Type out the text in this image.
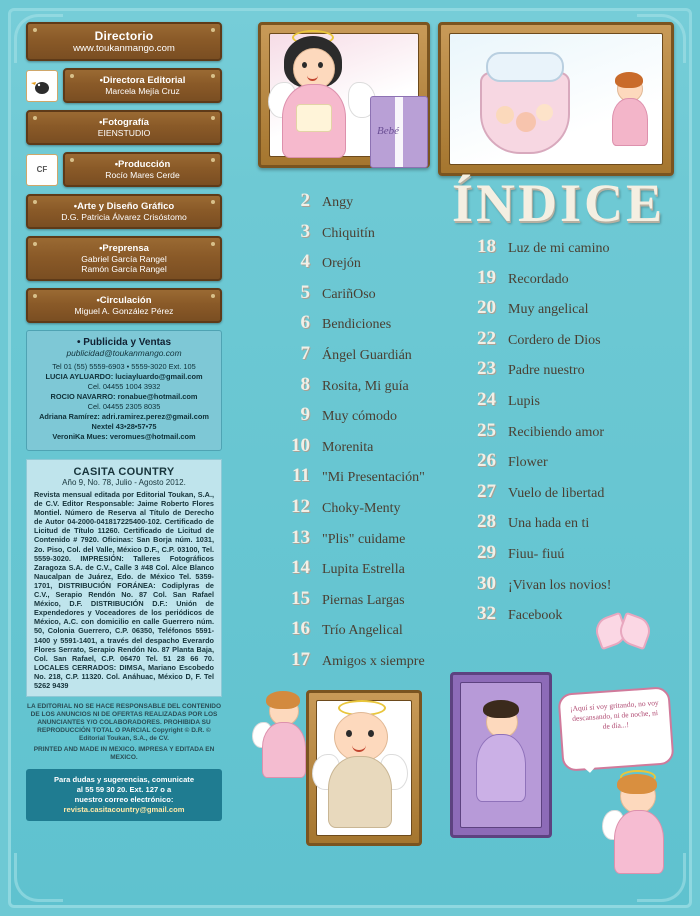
Directorio
www.toukanmango.com
•Directora Editorial
Marcela Mejía Cruz
•Fotografía
EIENSTUDIO
CF	•Producción
Rocío Mares Cerde
•Arte y Diseño Gráfico
D.G. Patricia Álvarez Crisóstomo
•Preprensa
Gabriel García Rangel
Ramón García Rangel
•Circulación
Miguel A. González Pérez
• Publicida y Ventas
publicidad@toukanmango.com
Tel 01 (55) 5559-6903 • 5559-3020 Ext. 105
LUCIA AYLUARDO: luciayluardo@gmail.com
Cel. 04455 1004 3932
ROCIO NAVARRO: ronabue@hotmail.com
Cel. 04455 2305 8035
Adriana Ramírez: adri.ramirez.perez@gmail.com
Nextel 43•28•57•75
VeroniKa Mues: veromues@hotmail.com
CASITA COUNTRY
Año 9, No. 78, Julio - Agosto 2012.
Revista mensual editada por Editorial Toukan, S.A., de C.V. Editor Responsable: Jaime Roberto Flores Montiel. Número de Reserva al Título de Derecho de Autor 04-2000-041817225400-102. Certificado de Licitud de Título 11260. Certificado de Licitud de Contenido # 7920. Oficinas: San Borja núm. 1031, 2o. Piso, Col. del Valle, México D.F., C.P. 03100, Tel. 5559-3020. IMPRESIÓN: Talleres Fotográficos Zaragoza S.A. de C.V., Calle 3 #48 Col. Alce Blanco Naucalpan de Juárez, Edo. de México Tel. 5359-1701, DISTRIBUCIÓN FORÁNEA: Codiplyras de C.V., Serapio Rendón No. 87 Col. San Rafael México, D.F. DISTRIBUCIÓN D.F.: Unión de Expendedores y Voceadores de los periódicos de México, A.C. con domicilio en calle Guerrero núm. 50, Colonia Guerrero, C.P. 06350, Teléfonos 5591-1400 y 5591-1401, a través del despacho Everardo Flores Serrato, Serapio Rendón No. 87 Planta Baja, Col. San Rafael, C.P. 06470 Tel. 51 28 66 70. LOCALES CERRADOS: DIMSA, Mariano Escobedo No. 218, C.P. 11320. Col. Anáhuac, México D, F. Tel 5262 9439
LA EDITORIAL NO SE HACE RESPONSABLE DEL CONTENIDO DE LOS ANUNCIOS NI DE OFERTAS REALIZADAS POR LOS ANUNCIANTES Y/O COLABORADORES. PROHIBIDA SU REPRODUCCIÓN TOTAL O PARCIAL Copyright © D.R. © Editorial Toukan, S.A., de CV.
PRINTED AND MADE IN MEXICO. IMPRESA Y EDITADA EN MEXICO.
Para dudas y sugerencias, comunicate
al 55 59 30 20. Ext. 127 o a
nuestro correo electrónico:
revista.casitacountry@gmail.com
Bebé
ÍNDICE
2 Angy
3 Chiquitín
4 Orejón
5 CariñOso
6 Bendiciones
7 Ángel Guardián
8 Rosita, Mi guía
9 Muy cómodo
10 Morenita
11 "Mi Presentación"
12 Choky-Menty
13 "Plis" cuidame
14 Lupita Estrella
15 Piernas Largas
16 Trío Angelical
17 Amigos x siempre
18 Luz de mi camino
19 Recordado
20 Muy angelical
22 Cordero de Dios
23 Padre nuestro
24 Lupis
25 Recibiendo amor
26 Flower
27 Vuelo de libertad
28 Una hada en ti
29 Fiuu- fiuú
30 ¡Vivan los novios!
32 Facebook
¡Aquí sí voy gritando, no voy descansando, ni de noche, ni de día...!
